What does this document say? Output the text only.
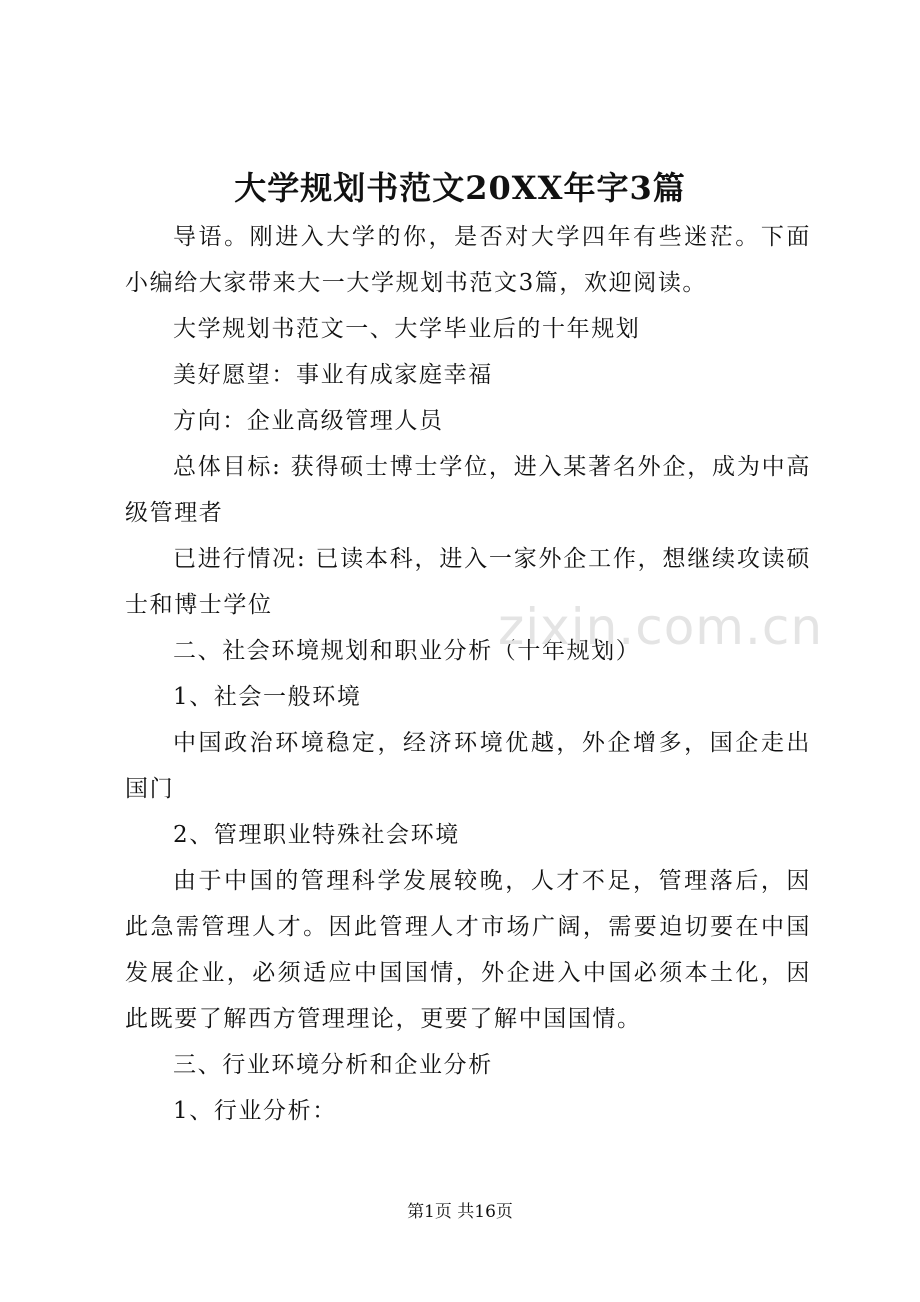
大学规划书范文20XX年字3篇

导语。刚进入大学的你，是否对大学四年有些迷茫。下面小编给大家带来大一大学规划书范文3篇，欢迎阅读。

大学规划书范文一、大学毕业后的十年规划

美好愿望：事业有成家庭幸福

方向：企业高级管理人员

总体目标: 获得硕士博士学位，进入某著名外企，成为中高级管理者

已进行情况: 已读本科，进入一家外企工作，想继续攻读硕士和博士学位

二、社会环境规划和职业分析（十年规划）

1、社会一般环境

中国政治环境稳定，经济环境优越，外企增多，国企走出国门

2、管理职业特殊社会环境

由于中国的管理科学发展较晚，人才不足，管理落后，因此急需管理人才。因此管理人才市场广阔，需要迫切要在中国发展企业，必须适应中国国情，外企进入中国必须本土化，因此既要了解西方管理理论，更要了解中国国情。

三、行业环境分析和企业分析

1、行业分析：

zixin.com.cn
第1页 共16页
